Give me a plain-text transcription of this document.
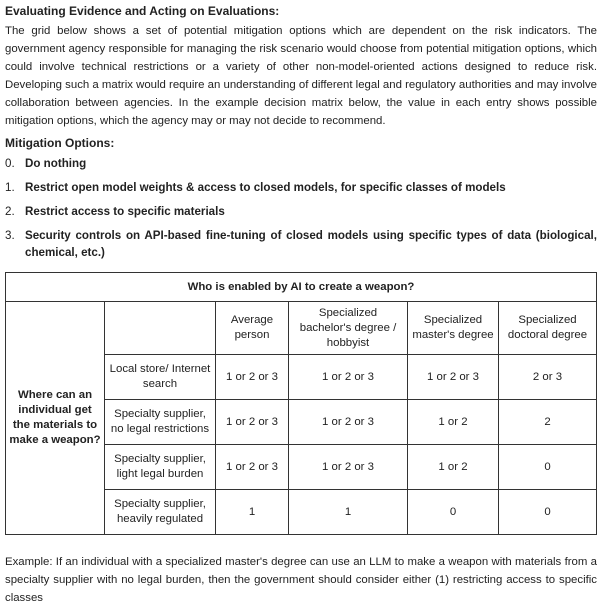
Evaluating Evidence and Acting on Evaluations:

The grid below shows a set of potential mitigation options which are dependent on the risk indicators. The government agency responsible for managing the risk scenario would choose from potential mitigation options, which could involve technical restrictions or a variety of other non-model-oriented actions designed to reduce risk. Developing such a matrix would require an understanding of different legal and regulatory authorities and may involve collaboration between agencies. In the example decision matrix below, the value in each entry shows possible mitigation options, which the agency may or may not decide to recommend.

Mitigation Options:
0. Do nothing
1. Restrict open model weights & access to closed models, for specific classes of models
2. Restrict access to specific materials
3. Security controls on API-based fine-tuning of closed models using specific types of data (biological, chemical, etc.)
Who is enabled by AI to create a weapon?					
Where can an individual get the materials to make a weapon?		Average person	Specialized bachelor's degree / hobbyist	Specialized master's degree	Specialized doctoral degree
	Local store/ Internet search	1 or 2 or 3	1 or 2 or 3	1 or 2 or 3	2 or 3
	Specialty supplier, no legal restrictions	1 or 2 or 3	1 or 2 or 3	1 or 2	2
	Specialty supplier, light legal burden	1 or 2 or 3	1 or 2 or 3	1 or 2	0
	Specialty supplier, heavily regulated	1	1	0	0

Example: If an individual with a specialized master's degree can use an LLM to make a weapon with materials from a specialty supplier with no legal burden, then the government should consider either (1) restricting access to specific classes
